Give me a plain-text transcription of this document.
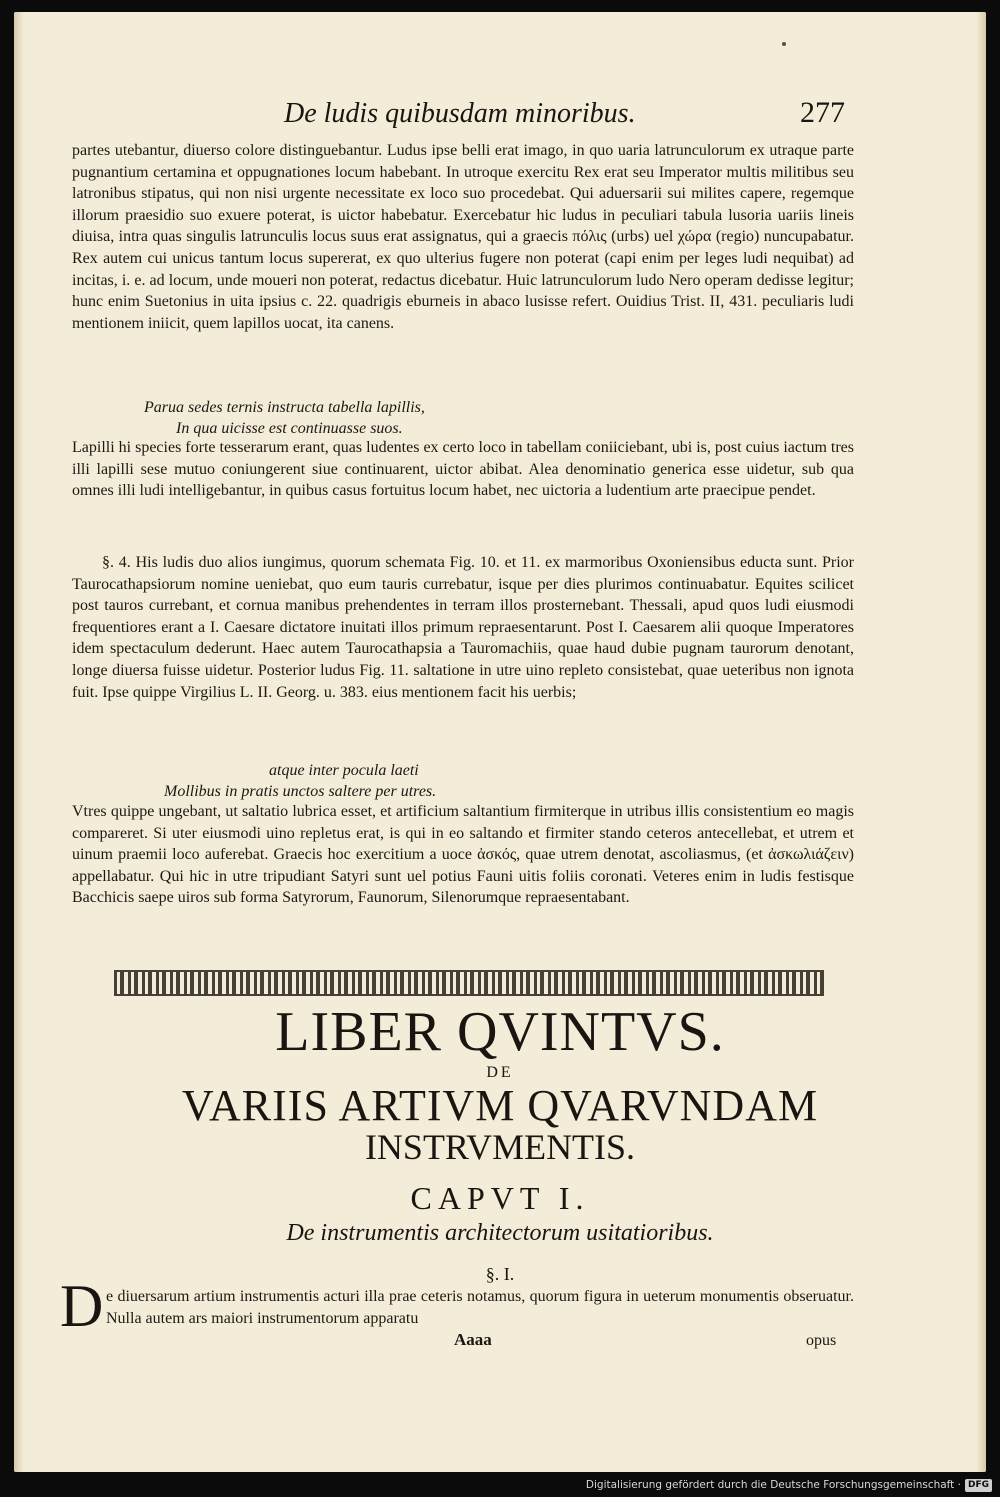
De ludis quibusdam minoribus.	277
partes utebantur, diuerso colore distinguebantur. Ludus ipse belli erat imago, in quo uaria latrunculorum ex utraque parte pugnantium certamina et oppugnationes locum habebant. In utroque exercitu Rex erat seu Imperator multis militibus seu latronibus stipatus, qui non nisi urgente necessitate ex loco suo procedebat. Qui aduersarii sui milites capere, regemque illorum praesidio suo exuere poterat, is uictor habebatur. Exercebatur hic ludus in peculiari tabula lusoria uariis lineis diuisa, intra quas singulis latrunculis locus suus erat assignatus, qui a graecis πόλις (urbs) uel χώρα (regio) nuncupabatur. Rex autem cui unicus tantum locus supererat, ex quo ulterius fugere non poterat (capi enim per leges ludi nequibat) ad incitas, i. e. ad locum, unde moueri non poterat, redactus dicebatur. Huic latrunculorum ludo Nero operam dedisse legitur; hunc enim Suetonius in uita ipsius c. 22. quadrigis eburneis in abaco lusisse refert. Ouidius Trist. II, 431. peculiaris ludi mentionem iniicit, quem lapillos uocat, ita canens.
Parua sedes ternis instructa tabella lapillis,
In qua uicisse est continuasse suos.
Lapilli hi species forte tesserarum erant, quas ludentes ex certo loco in tabellam coniiciebant, ubi is, post cuius iactum tres illi lapilli sese mutuo coniungerent siue continuarent, uictor abibat. Alea denominatio generica esse uidetur, sub qua omnes illi ludi intelligebantur, in quibus casus fortuitus locum habet, nec uictoria a ludentium arte praecipue pendet.
§. 4. His ludis duo alios iungimus, quorum schemata Fig. 10. et 11. ex marmoribus Oxoniensibus educta sunt. Prior Taurocathapsiorum nomine ueniebat, quo eum tauris currebatur, isque per dies plurimos continuabatur. Equites scilicet post tauros currebant, et cornua manibus prehendentes in terram illos prosternebant. Thessali, apud quos ludi eiusmodi frequentiores erant a I. Caesare dictatore inuitati illos primum repraesentarunt. Post I. Caesarem alii quoque Imperatores idem spectaculum dederunt. Haec autem Taurocathapsia a Tauromachiis, quae haud dubie pugnam taurorum denotant, longe diuersa fuisse uidetur. Posterior ludus Fig. 11. saltatione in utre uino repleto consistebat, quae ueteribus non ignota fuit. Ipse quippe Virgilius L. II. Georg. u. 383. eius mentionem facit his uerbis;
atque inter pocula laeti
Mollibus in pratis unctos saltere per utres.
Vtres quippe ungebant, ut saltatio lubrica esset, et artificium saltantium firmiterque in utribus illis consistentium eo magis compareret. Si uter eiusmodi uino repletus erat, is qui in eo saltando et firmiter stando ceteros antecellebat, et utrem et uinum praemii loco auferebat. Graecis hoc exercitium a uoce ἀσκός, quae utrem denotat, ascoliasmus, (et ἀσκωλιάζειν) appellabatur. Qui hic in utre tripudiant Satyri sunt uel potius Fauni uitis foliis coronati. Veteres enim in ludis festisque Bacchicis saepe uiros sub forma Satyrorum, Faunorum, Silenorumque repraesentabant.
LIBER QVINTVS.
DE
VARIIS ARTIVM QVARVNDAM
INSTRVMENTIS.
CAPVT I.
De instrumentis architectorum usitatioribus.
§. I.
D e diuersarum artium instrumentis acturi illa prae ceteris notamus, quorum figura in ueterum monumentis obseruatur. Nulla autem ars maiori instrumentorum apparatu
Aaaa	opus
Digitalisierung gefördert durch die Deutsche Forschungsgemeinschaft · DFG
